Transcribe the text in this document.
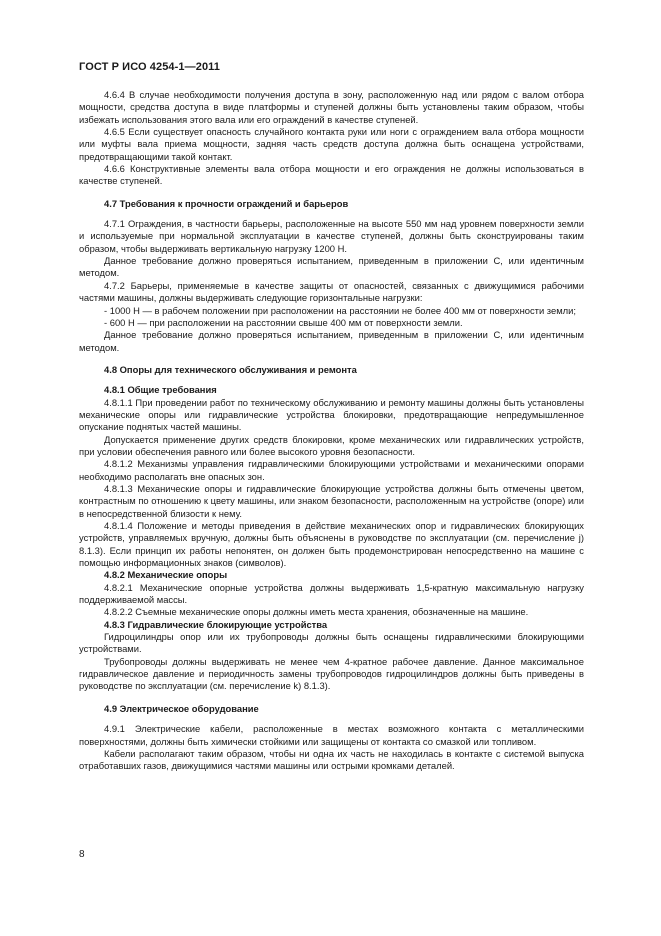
ГОСТ Р ИСО 4254-1—2011

4.6.4 В случае необходимости получения доступа в зону, расположенную над или рядом с валом отбора мощности, средства доступа в виде платформы и ступеней должны быть установлены таким образом, чтобы избежать использования этого вала или его ограждений в качестве ступеней.

4.6.5 Если существует опасность случайного контакта руки или ноги с ограждением вала отбора мощности или муфты вала приема мощности, задняя часть средств доступа должна быть оснащена устройствами, предотвращающими такой контакт.

4.6.6 Конструктивные элементы вала отбора мощности и его ограждения не должны использоваться в качестве ступеней.

4.7 Требования к прочности ограждений и барьеров

4.7.1 Ограждения, в частности барьеры, расположенные на высоте 550 мм над уровнем поверхности земли и используемые при нормальной эксплуатации в качестве ступеней, должны быть сконструированы таким образом, чтобы выдерживать вертикальную нагрузку 1200 Н.

Данное требование должно проверяться испытанием, приведенным в приложении C, или идентичным методом.

4.7.2 Барьеры, применяемые в качестве защиты от опасностей, связанных с движущимися рабочими частями машины, должны выдерживать следующие горизонтальные нагрузки:

- 1000 Н — в рабочем положении при расположении на расстоянии не более 400 мм от поверхности земли;

- 600 Н — при расположении на расстоянии свыше 400 мм от поверхности земли.

Данное требование должно проверяться испытанием, приведенным в приложении C, или идентичным методом.

4.8 Опоры для технического обслуживания и ремонта
4.8.1 Общие требования

4.8.1.1 При проведении работ по техническому обслуживанию и ремонту машины должны быть установлены механические опоры или гидравлические устройства блокировки, предотвращающие непредумышленное опускание поднятых частей машины.

Допускается применение других средств блокировки, кроме механических или гидравлических устройств, при условии обеспечения равного или более высокого уровня безопасности.

4.8.1.2 Механизмы управления гидравлическими блокирующими устройствами и механическими опорами необходимо располагать вне опасных зон.

4.8.1.3 Механические опоры и гидравлические блокирующие устройства должны быть отмечены цветом, контрастным по отношению к цвету машины, или знаком безопасности, расположенным на устройстве (опоре) или в непосредственной близости к нему.

4.8.1.4 Положение и методы приведения в действие механических опор и гидравлических блокирующих устройств, управляемых вручную, должны быть объяснены в руководстве по эксплуатации (см. перечисление j) 8.1.3). Если принцип их работы непонятен, он должен быть продемонстрирован непосредственно на машине с помощью информационных знаков (символов).

4.8.2 Механические опоры

4.8.2.1 Механические опорные устройства должны выдерживать 1,5-кратную максимальную нагрузку поддерживаемой массы.

4.8.2.2 Съемные механические опоры должны иметь места хранения, обозначенные на машине.

4.8.3 Гидравлические блокирующие устройства

Гидроцилиндры опор или их трубопроводы должны быть оснащены гидравлическими блокирующими устройствами.

Трубопроводы должны выдерживать не менее чем 4-кратное рабочее давление. Данное максимальное гидравлическое давление и периодичность замены трубопроводов гидроцилиндров должны быть приведены в руководстве по эксплуатации (см. перечисление k) 8.1.3).

4.9 Электрическое оборудование

4.9.1 Электрические кабели, расположенные в местах возможного контакта с металлическими поверхностями, должны быть химически стойкими или защищены от контакта со смазкой или топливом.

Кабели располагают таким образом, чтобы ни одна их часть не находилась в контакте с системой выпуска отработавших газов, движущимися частями машины или острыми кромками деталей.

8
